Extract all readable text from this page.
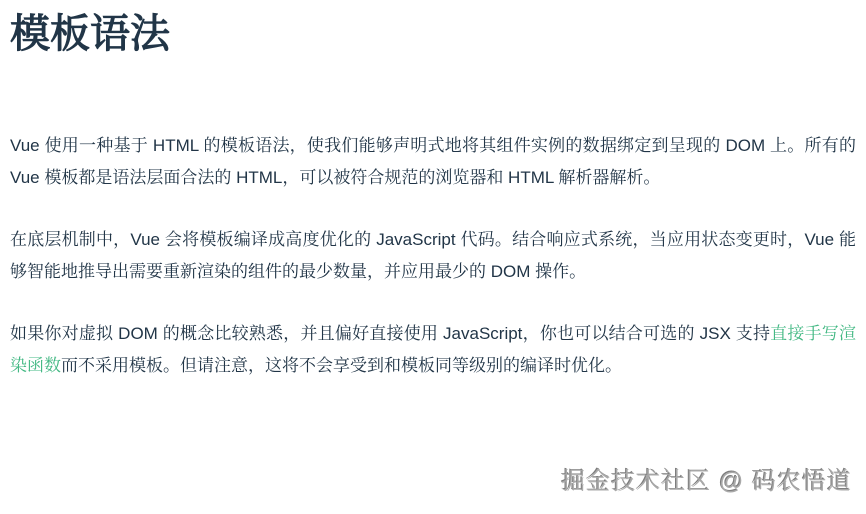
模板语法

Vue 使用一种基于 HTML 的模板语法，使我们能够声明式地将其组件实例的数据绑定到呈现的 DOM 上。所有的 Vue 模板都是语法层面合法的 HTML，可以被符合规范的浏览器和 HTML 解析器解析。

在底层机制中，Vue 会将模板编译成高度优化的 JavaScript 代码。结合响应式系统，当应用状态变更时，Vue 能够智能地推导出需要重新渲染的组件的最少数量，并应用最少的 DOM 操作。

如果你对虚拟 DOM 的概念比较熟悉，并且偏好直接使用 JavaScript，你也可以结合可选的 JSX 支持直接手写渲染函数而不采用模板。但请注意，这将不会享受到和模板同等级别的编译时优化。

掘金技术社区 @ 码农悟道
